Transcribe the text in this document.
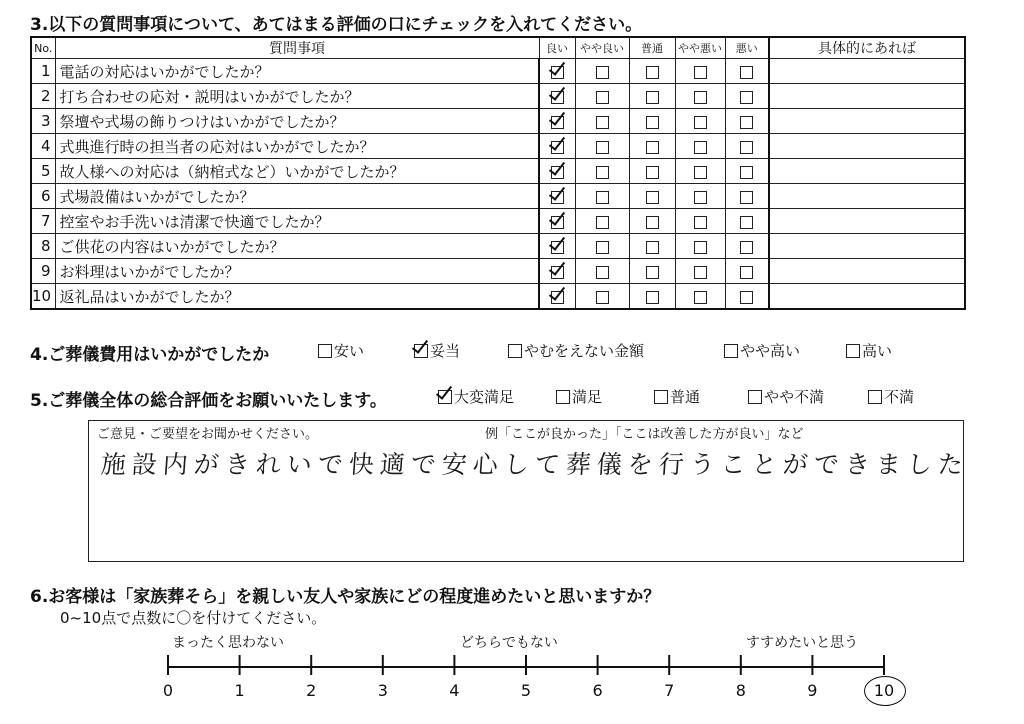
3.以下の質問事項について、あてはまる評価の口にチェックを入れてください。
No.	質問事項	良い	やや良い	普通	やや悪い	悪い	具体的にあれば
1	電話の対応はいかがでしたか？						
2	打ち合わせの応対・説明はいかがでしたか？						
3	祭壇や式場の飾りつけはいかがでしたか？						
4	式典進行時の担当者の応対はいかがでしたか？						
5	故人様への対応は（納棺式など）いかがでしたか？						
6	式場設備はいかがでしたか？						
7	控室やお手洗いは清潔で快適でしたか？						
8	ご供花の内容はいかがでしたか？						
9	お料理はいかがでしたか？						
10	返礼品はいかがでしたか？						
4.ご葬儀費用はいかがでしたか	安い	妥当	やむをえない金額	やや高い	高い
5.ご葬儀全体の総合評価をお願いいたします。	大変満足	満足	普通	やや不満	不満
ご意見・ご要望をお聞かせください。	例「ここが良かった」「ここは改善した方が良い」など
施設内がきれいで快適で安心して葬儀を行うことができました
6.お客様は「家族葬そら」を親しい友人や家族にどの程度進めたいと思いますか？
0~10点で点数に〇を付けてください。
まったく思わない	どちらでもない	すすめたいと思う
0	1	2	3	4	5	6	7	8	9	10
